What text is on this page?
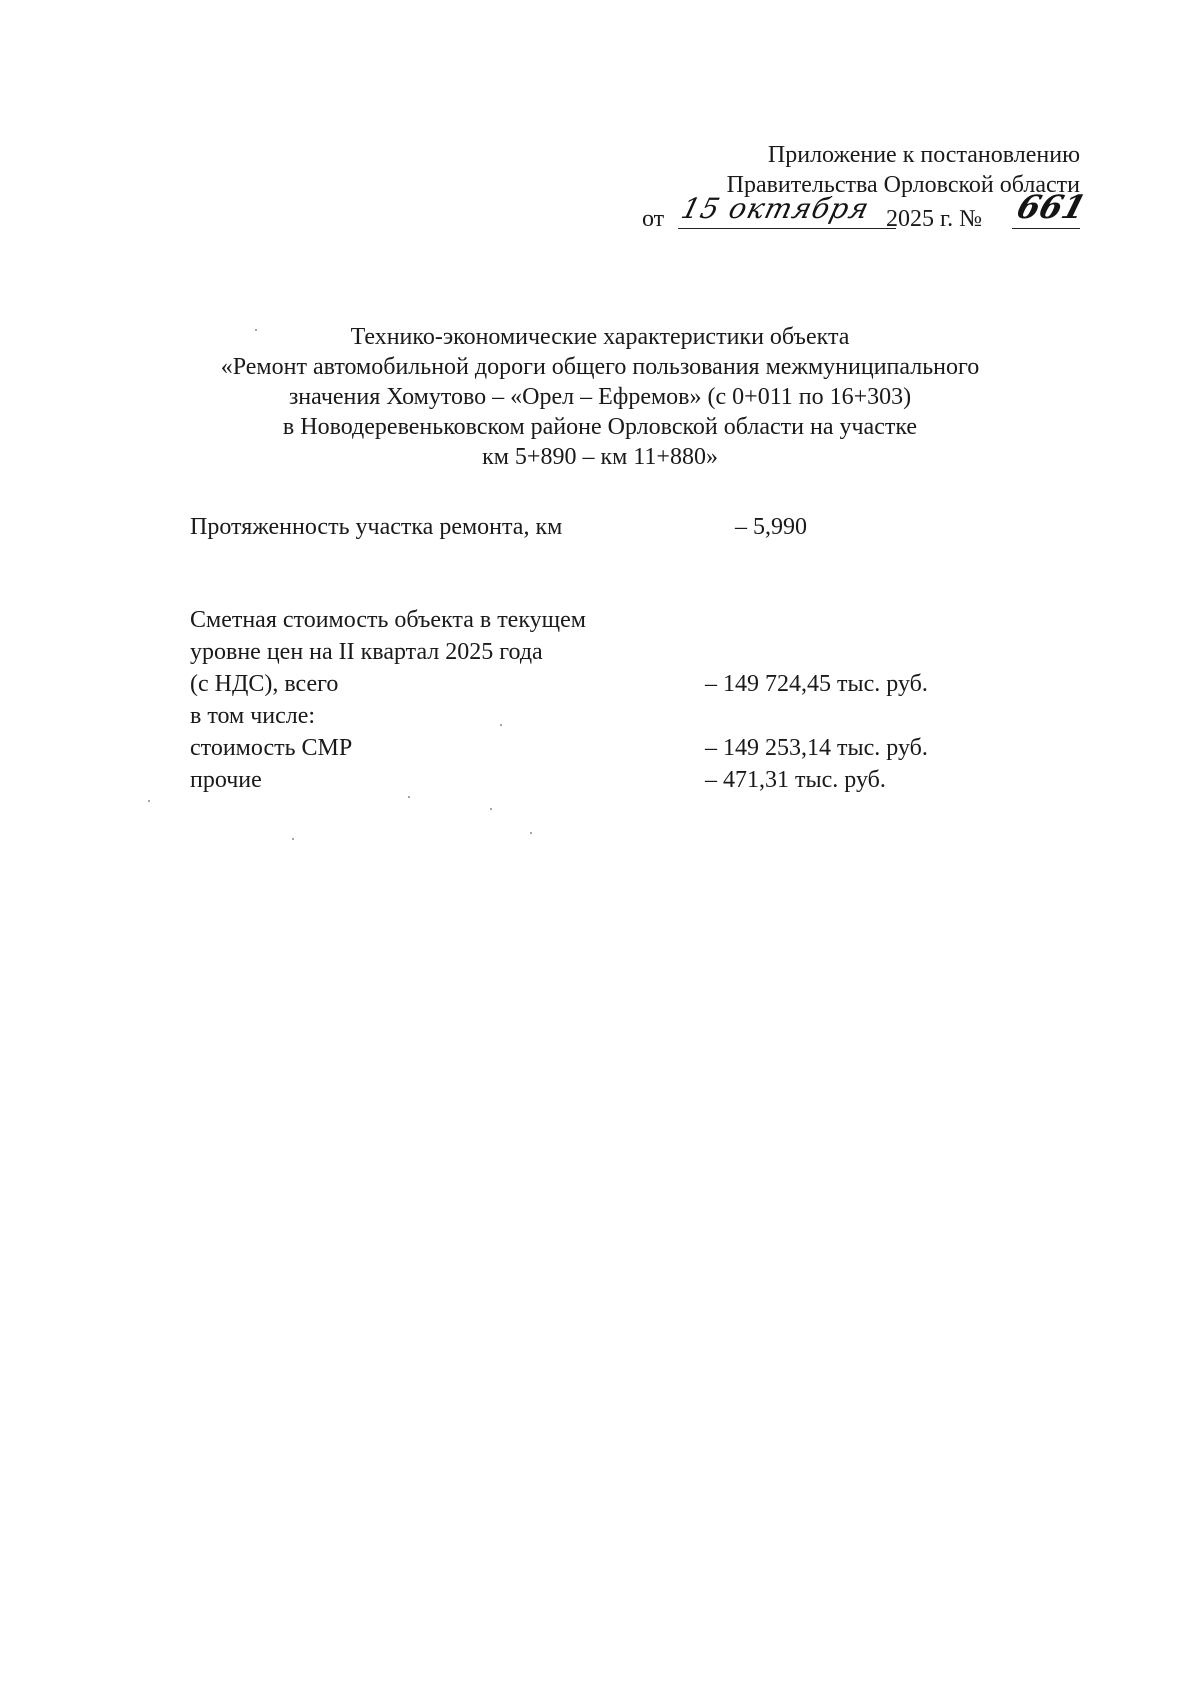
Приложение к постановлению
Правительства Орловской области
от 15 октября 2025 г. № 661
Технико-экономические характеристики объекта
«Ремонт автомобильной дороги общего пользования межмуниципального
значения Хомутово – «Орел – Ефремов» (с 0+011 по 16+303)
в Новодеревеньковском районе Орловской области на участке
км 5+890 – км 11+880»
Протяженность участка ремонта, км	– 5,990
Сметная стоимость объекта в текущем
уровне цен на II квартал 2025 года
(с НДС), всего	– 149 724,45 тыс. руб.
в том числе:
стоимость СМР	– 149 253,14 тыс. руб.
прочие	– 471,31 тыс. руб.
